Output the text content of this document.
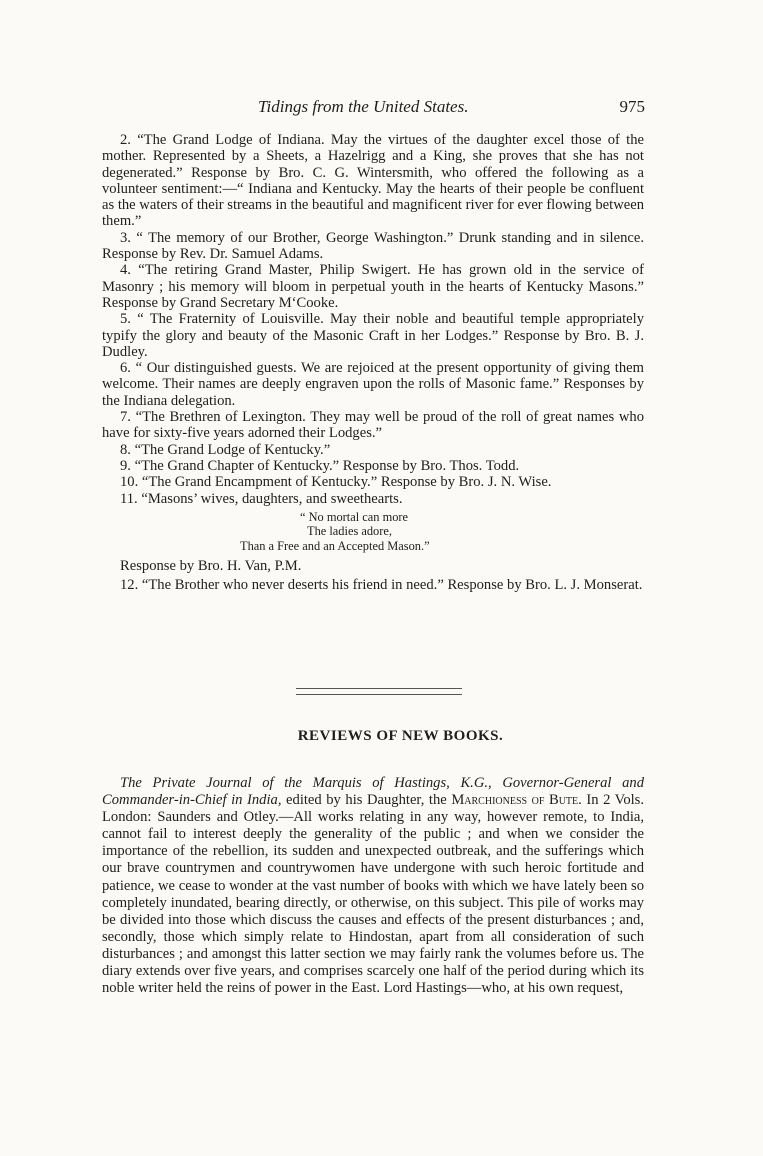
Tidings from the United States.	975

2. “The Grand Lodge of Indiana. May the virtues of the daughter excel those of the mother. Represented by a Sheets, a Hazelrigg and a King, she proves that she has not degenerated.” Response by Bro. C. G. Wintersmith, who offered the following as a volunteer sentiment:—“ Indiana and Kentucky. May the hearts of their people be confluent as the waters of their streams in the beautiful and magnificent river for ever flowing between them.”

3. “ The memory of our Brother, George Washington.” Drunk standing and in silence. Response by Rev. Dr. Samuel Adams.

4. “The retiring Grand Master, Philip Swigert. He has grown old in the service of Masonry ; his memory will bloom in perpetual youth in the hearts of Kentucky Masons.” Response by Grand Secretary M‘Cooke.

5. “ The Fraternity of Louisville. May their noble and beautiful temple appropriately typify the glory and beauty of the Masonic Craft in her Lodges.” Response by Bro. B. J. Dudley.

6. “ Our distinguished guests. We are rejoiced at the present opportunity of giving them welcome. Their names are deeply engraven upon the rolls of Masonic fame.” Responses by the Indiana delegation.

7. “The Brethren of Lexington. They may well be proud of the roll of great names who have for sixty-five years adorned their Lodges.”

8. “The Grand Lodge of Kentucky.”

9. “The Grand Chapter of Kentucky.” Response by Bro. Thos. Todd.

10. “The Grand Encampment of Kentucky.” Response by Bro. J. N. Wise.

11. “Masons’ wives, daughters, and sweethearts.

“ No mortal can more
The ladies adore,
Than a Free and an Accepted Mason.”

Response by Bro. H. Van, P.M.

12. “The Brother who never deserts his friend in need.” Response by Bro. L. J. Monserat.

REVIEWS OF NEW BOOKS.
The Private Journal of the Marquis of Hastings, K.G., Governor-General and Commander-in-Chief in India, edited by his Daughter, the Marchioness of Bute. In 2 Vols. London: Saunders and Otley.—All works relating in any way, however remote, to India, cannot fail to interest deeply the generality of the public ; and when we consider the importance of the rebellion, its sudden and unexpected outbreak, and the sufferings which our brave countrymen and countrywomen have undergone with such heroic fortitude and patience, we cease to wonder at the vast number of books with which we have lately been so completely inundated, bearing directly, or otherwise, on this subject. This pile of works may be divided into those which discuss the causes and effects of the present disturbances ; and, secondly, those which simply relate to Hindostan, apart from all consideration of such disturbances ; and amongst this latter section we may fairly rank the volumes before us. The diary extends over five years, and comprises scarcely one half of the period during which its noble writer held the reins of power in the East. Lord Hastings—who, at his own request,
